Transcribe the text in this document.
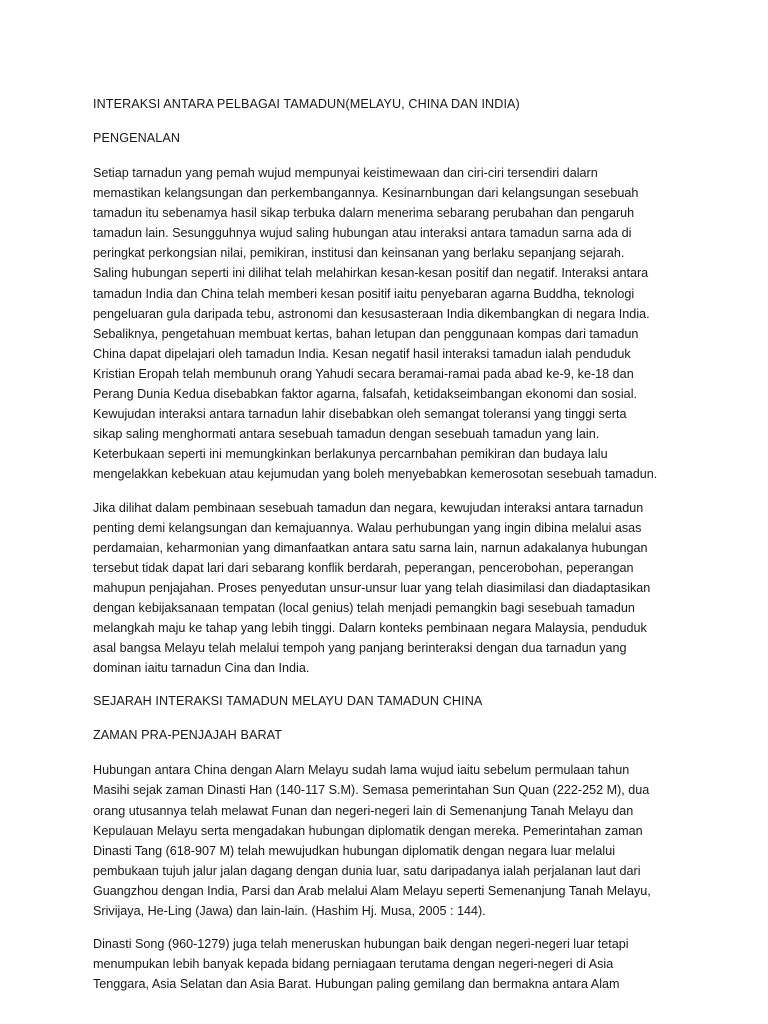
INTERAKSI ANTARA PELBAGAI TAMADUN(MELAYU, CHINA DAN INDIA)
PENGENALAN
Setiap tarnadun yang pemah wujud mempunyai keistimewaan dan ciri-ciri tersendiri dalarn
memastikan kelangsungan dan perkembangannya. Kesinarnbungan dari kelangsungan sesebuah
tamadun itu sebenamya hasil sikap terbuka dalarn menerima sebarang perubahan dan pengaruh
tamadun lain. Sesungguhnya wujud saling hubungan atau interaksi antara tamadun sarna ada di
peringkat perkongsian nilai, pemikiran, institusi dan keinsanan yang berlaku sepanjang sejarah.
Saling hubungan seperti ini dilihat telah melahirkan kesan-kesan positif dan negatif. Interaksi antara
tamadun India dan China telah memberi kesan positif iaitu penyebaran agarna Buddha, teknologi
pengeluaran gula daripada tebu, astronomi dan kesusasteraan India dikembangkan di negara India.
Sebaliknya, pengetahuan membuat kertas, bahan letupan dan penggunaan kompas dari tamadun
China dapat dipelajari oleh tamadun India. Kesan negatif hasil interaksi tamadun ialah penduduk
Kristian Eropah telah membunuh orang Yahudi secara beramai-ramai pada abad ke-9, ke-18 dan
Perang Dunia Kedua disebabkan faktor agarna, falsafah, ketidakseimbangan ekonomi dan sosial.
Kewujudan interaksi antara tarnadun lahir disebabkan oleh semangat toleransi yang tinggi serta
sikap saling menghormati antara sesebuah tamadun dengan sesebuah tamadun yang lain.
Keterbukaan seperti ini memungkinkan berlakunya percarnbahan pemikiran dan budaya lalu
mengelakkan kebekuan atau kejumudan yang boleh menyebabkan kemerosotan sesebuah tamadun.
Jika dilihat dalam pembinaan sesebuah tamadun dan negara, kewujudan interaksi antara tarnadun
penting demi kelangsungan dan kemajuannya. Walau perhubungan yang ingin dibina melalui asas
perdamaian, keharmonian yang dimanfaatkan antara satu sarna lain, narnun adakalanya hubungan
tersebut tidak dapat lari dari sebarang konflik berdarah, peperangan, pencerobohan, peperangan
mahupun penjajahan. Proses penyedutan unsur-unsur luar yang telah diasimilasi dan diadaptasikan
dengan kebijaksanaan tempatan (local genius) telah menjadi pemangkin bagi sesebuah tamadun
melangkah maju ke tahap yang lebih tinggi. Dalarn konteks pembinaan negara Malaysia, penduduk
asal bangsa Melayu telah melalui tempoh yang panjang berinteraksi dengan dua tarnadun yang
dominan iaitu tarnadun Cina dan India.
SEJARAH INTERAKSI TAMADUN MELAYU DAN TAMADUN CHINA
ZAMAN PRA-PENJAJAH BARAT
Hubungan antara China dengan Alarn Melayu sudah lama wujud iaitu sebelum permulaan tahun
Masihi sejak zaman Dinasti Han (140-117 S.M). Semasa pemerintahan Sun Quan (222-252 M), dua
orang utusannya telah melawat Funan dan negeri-negeri lain di Semenanjung Tanah Melayu dan
Kepulauan Melayu serta mengadakan hubungan diplomatik dengan mereka. Pemerintahan zaman
Dinasti Tang (618-907 M) telah mewujudkan hubungan diplomatik dengan negara luar melalui
pembukaan tujuh jalur jalan dagang dengan dunia luar, satu daripadanya ialah perjalanan laut dari
Guangzhou dengan India, Parsi dan Arab melalui Alam Melayu seperti Semenanjung Tanah Melayu,
Srivijaya, He-Ling (Jawa) dan lain-lain. (Hashim Hj. Musa, 2005 : 144).
Dinasti Song (960-1279) juga telah meneruskan hubungan baik dengan negeri-negeri luar tetapi
menumpukan lebih banyak kepada bidang perniagaan terutama dengan negeri-negeri di Asia
Tenggara, Asia Selatan dan Asia Barat. Hubungan paling gemilang dan bermakna antara Alam
